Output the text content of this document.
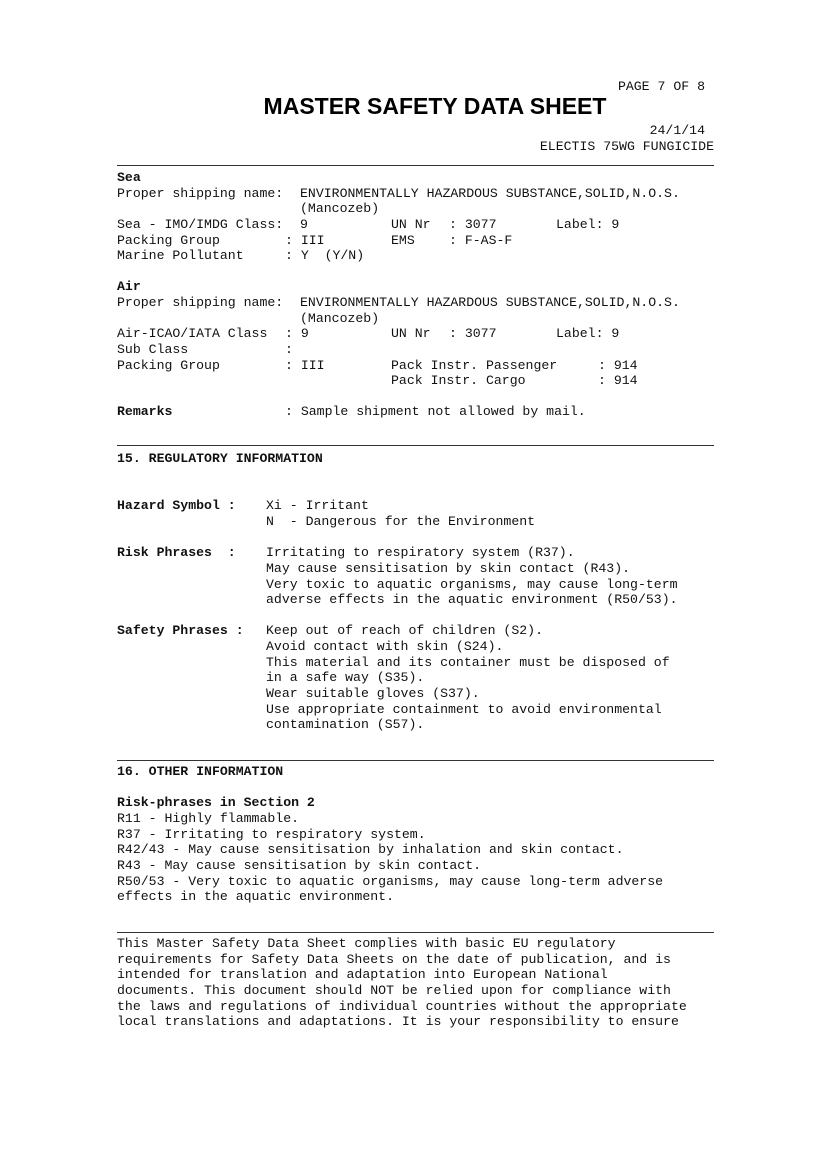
PAGE 7 OF 8
MASTER SAFETY DATA SHEET
24/1/14
ELECTIS 75WG FUNGICIDE
Sea
Proper shipping name: ENVIRONMENTALLY HAZARDOUS SUBSTANCE,SOLID,N.O.S.
(Mancozeb)
Sea - IMO/IMDG Class: 9	UN Nr : 3077	Label: 9
Packing Group	: III	EMS	: F-AS-F
Marine Pollutant	: Y  (Y/N)
Air
Proper shipping name: ENVIRONMENTALLY HAZARDOUS SUBSTANCE,SOLID,N.O.S.
(Mancozeb)
Air-ICAO/IATA Class : 9	UN Nr : 3077	Label: 9
Sub Class	:
Packing Group	: III	Pack Instr. Passenger	: 914
Pack Instr. Cargo	: 914
Remarks	: Sample shipment not allowed by mail.
15. REGULATORY INFORMATION
Hazard Symbol : Xi - Irritant
N  - Dangerous for the Environment
Risk Phrases  : Irritating to respiratory system (R37).
May cause sensitisation by skin contact (R43).
Very toxic to aquatic organisms, may cause long-term
adverse effects in the aquatic environment (R50/53).
Safety Phrases : Keep out of reach of children (S2).
Avoid contact with skin (S24).
This material and its container must be disposed of
in a safe way (S35).
Wear suitable gloves (S37).
Use appropriate containment to avoid environmental
contamination (S57).
16. OTHER INFORMATION
Risk-phrases in Section 2
R11 - Highly flammable.
R37 - Irritating to respiratory system.
R42/43 - May cause sensitisation by inhalation and skin contact.
R43 - May cause sensitisation by skin contact.
R50/53 - Very toxic to aquatic organisms, may cause long-term adverse
effects in the aquatic environment.
This Master Safety Data Sheet complies with basic EU regulatory
requirements for Safety Data Sheets on the date of publication, and is
intended for translation and adaptation into European National
documents. This document should NOT be relied upon for compliance with
the laws and regulations of individual countries without the appropriate
local translations and adaptations. It is your responsibility to ensure
